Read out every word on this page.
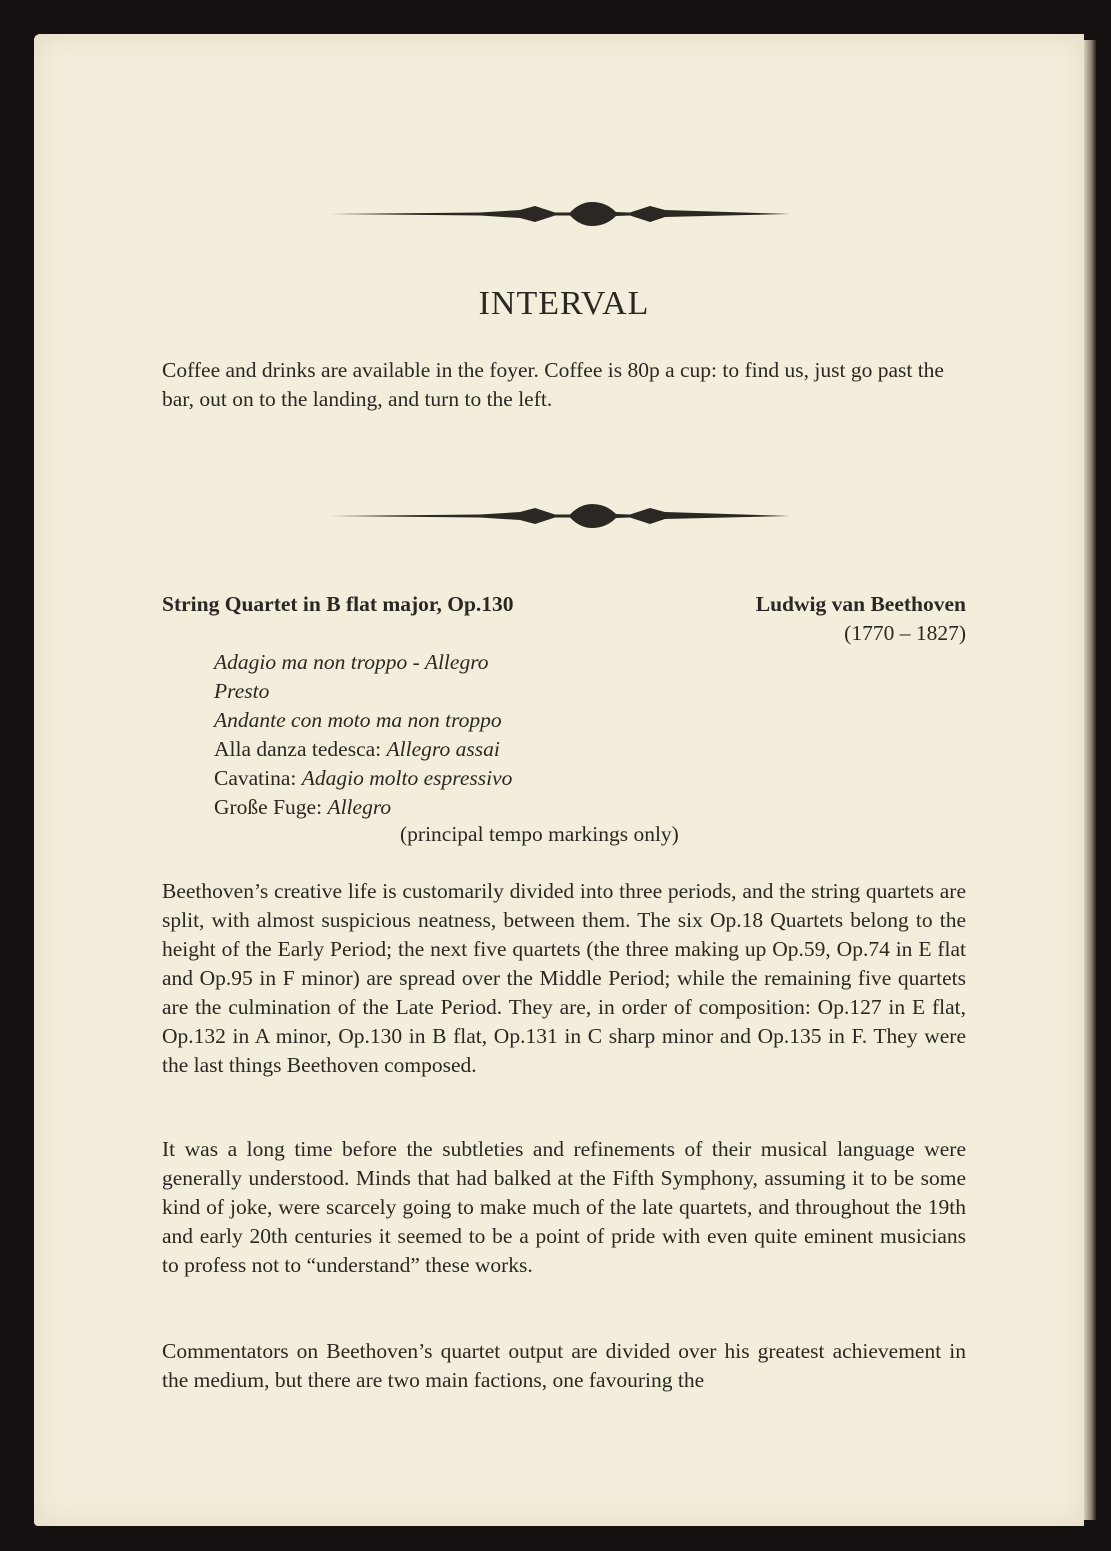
INTERVAL

Coffee and drinks are available in the foyer. Coffee is 80p a cup: to find us, just go past the bar, out on to the landing, and turn to the left.

String Quartet in B flat major, Op.130	Ludwig van Beethoven
(1770 – 1827)
Adagio ma non troppo - Allegro
Presto
Andante con moto ma non troppo
Alla danza tedesca: Allegro assai
Cavatina: Adagio molto espressivo
Große Fuge: Allegro
(principal tempo markings only)

Beethoven’s creative life is customarily divided into three periods, and the string quartets are split, with almost suspicious neatness, between them. The six Op.18 Quartets belong to the height of the Early Period; the next five quartets (the three making up Op.59, Op.74 in E flat and Op.95 in F minor) are spread over the Middle Period; while the remaining five quartets are the culmination of the Late Period. They are, in order of composition: Op.127 in E flat, Op.132 in A minor, Op.130 in B flat, Op.131 in C sharp minor and Op.135 in F. They were the last things Beethoven composed.

It was a long time before the subtleties and refinements of their musical language were generally understood. Minds that had balked at the Fifth Symphony, assuming it to be some kind of joke, were scarcely going to make much of the late quartets, and throughout the 19th and early 20th centuries it seemed to be a point of pride with even quite eminent musicians to profess not to “understand” these works.

Commentators on Beethoven’s quartet output are divided over his greatest achievement in the medium, but there are two main factions, one favouring the
